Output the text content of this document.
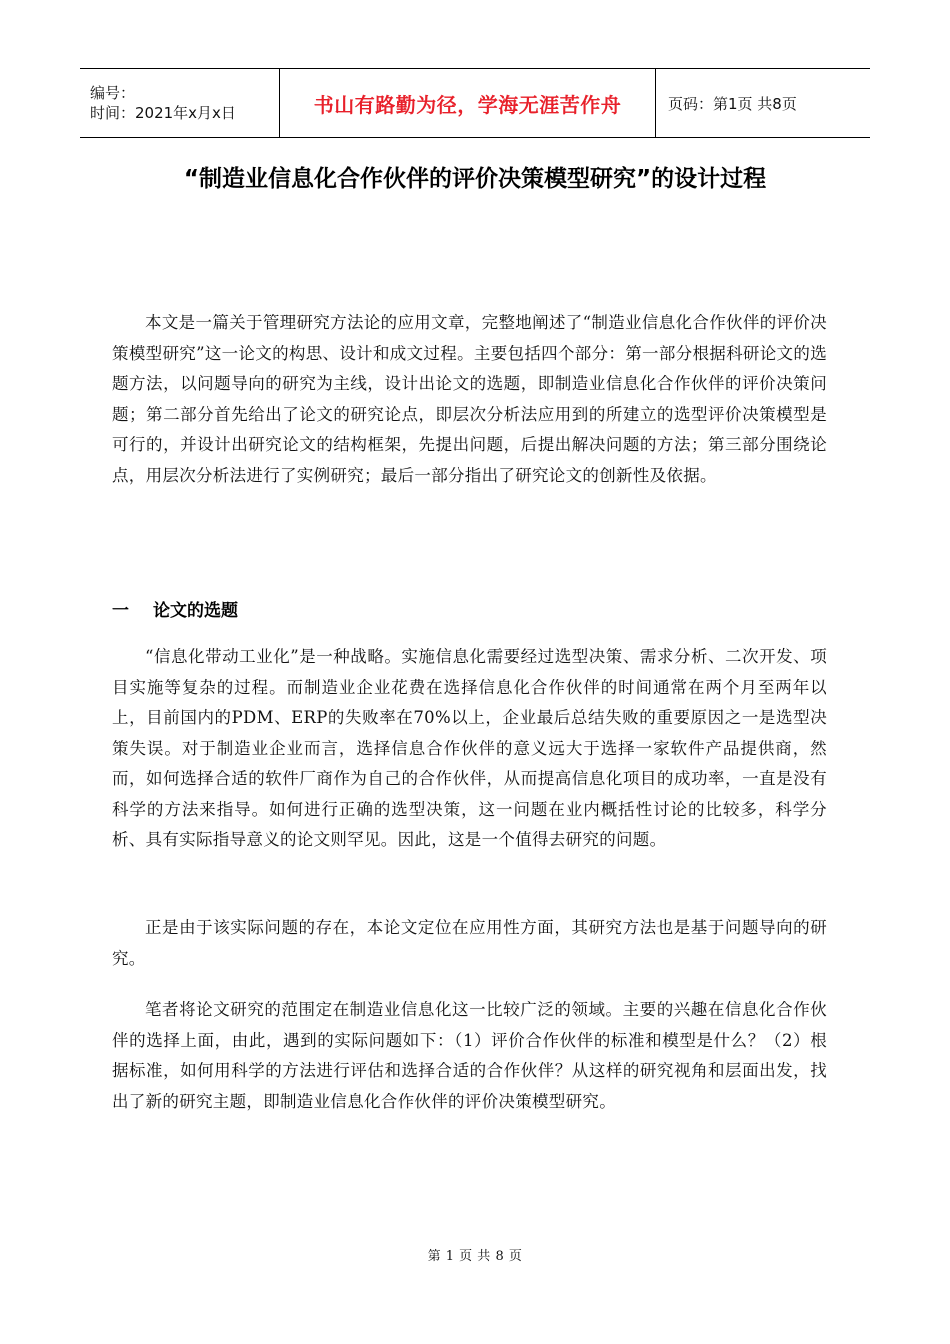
编号：
时间：2021年x月x日	书山有路勤为径，学海无涯苦作舟	页码：第1页 共8页
“制造业信息化合作伙伴的评价决策模型研究”的设计过程

本文是一篇关于管理研究方法论的应用文章，完整地阐述了“制造业信息化合作伙伴的评价决策模型研究”这一论文的构思、设计和成文过程。主要包括四个部分：第一部分根据科研论文的选题方法，以问题导向的研究为主线，设计出论文的选题，即制造业信息化合作伙伴的评价决策问题；第二部分首先给出了论文的研究论点，即层次分析法应用到的所建立的选型评价决策模型是可行的，并设计出研究论文的结构框架，先提出问题，后提出解决问题的方法；第三部分围绕论点，用层次分析法进行了实例研究；最后一部分指出了研究论文的创新性及依据。

一 论文的选题

“信息化带动工业化”是一种战略。实施信息化需要经过选型决策、需求分析、二次开发、项目实施等复杂的过程。而制造业企业花费在选择信息化合作伙伴的时间通常在两个月至两年以上，目前国内的PDM、ERP的失败率在70%以上，企业最后总结失败的重要原因之一是选型决策失误。对于制造业企业而言，选择信息合作伙伴的意义远大于选择一家软件产品提供商，然而，如何选择合适的软件厂商作为自己的合作伙伴，从而提高信息化项目的成功率，一直是没有科学的方法来指导。如何进行正确的选型决策，这一问题在业内概括性讨论的比较多，科学分析、具有实际指导意义的论文则罕见。因此，这是一个值得去研究的问题。

正是由于该实际问题的存在，本论文定位在应用性方面，其研究方法也是基于问题导向的研究。

笔者将论文研究的范围定在制造业信息化这一比较广泛的领域。主要的兴趣在信息化合作伙伴的选择上面，由此，遇到的实际问题如下：（1）评价合作伙伴的标准和模型是什么？（2）根据标准，如何用科学的方法进行评估和选择合适的合作伙伴？从这样的研究视角和层面出发，找出了新的研究主题，即制造业信息化合作伙伴的评价决策模型研究。

第 1 页 共 8 页
